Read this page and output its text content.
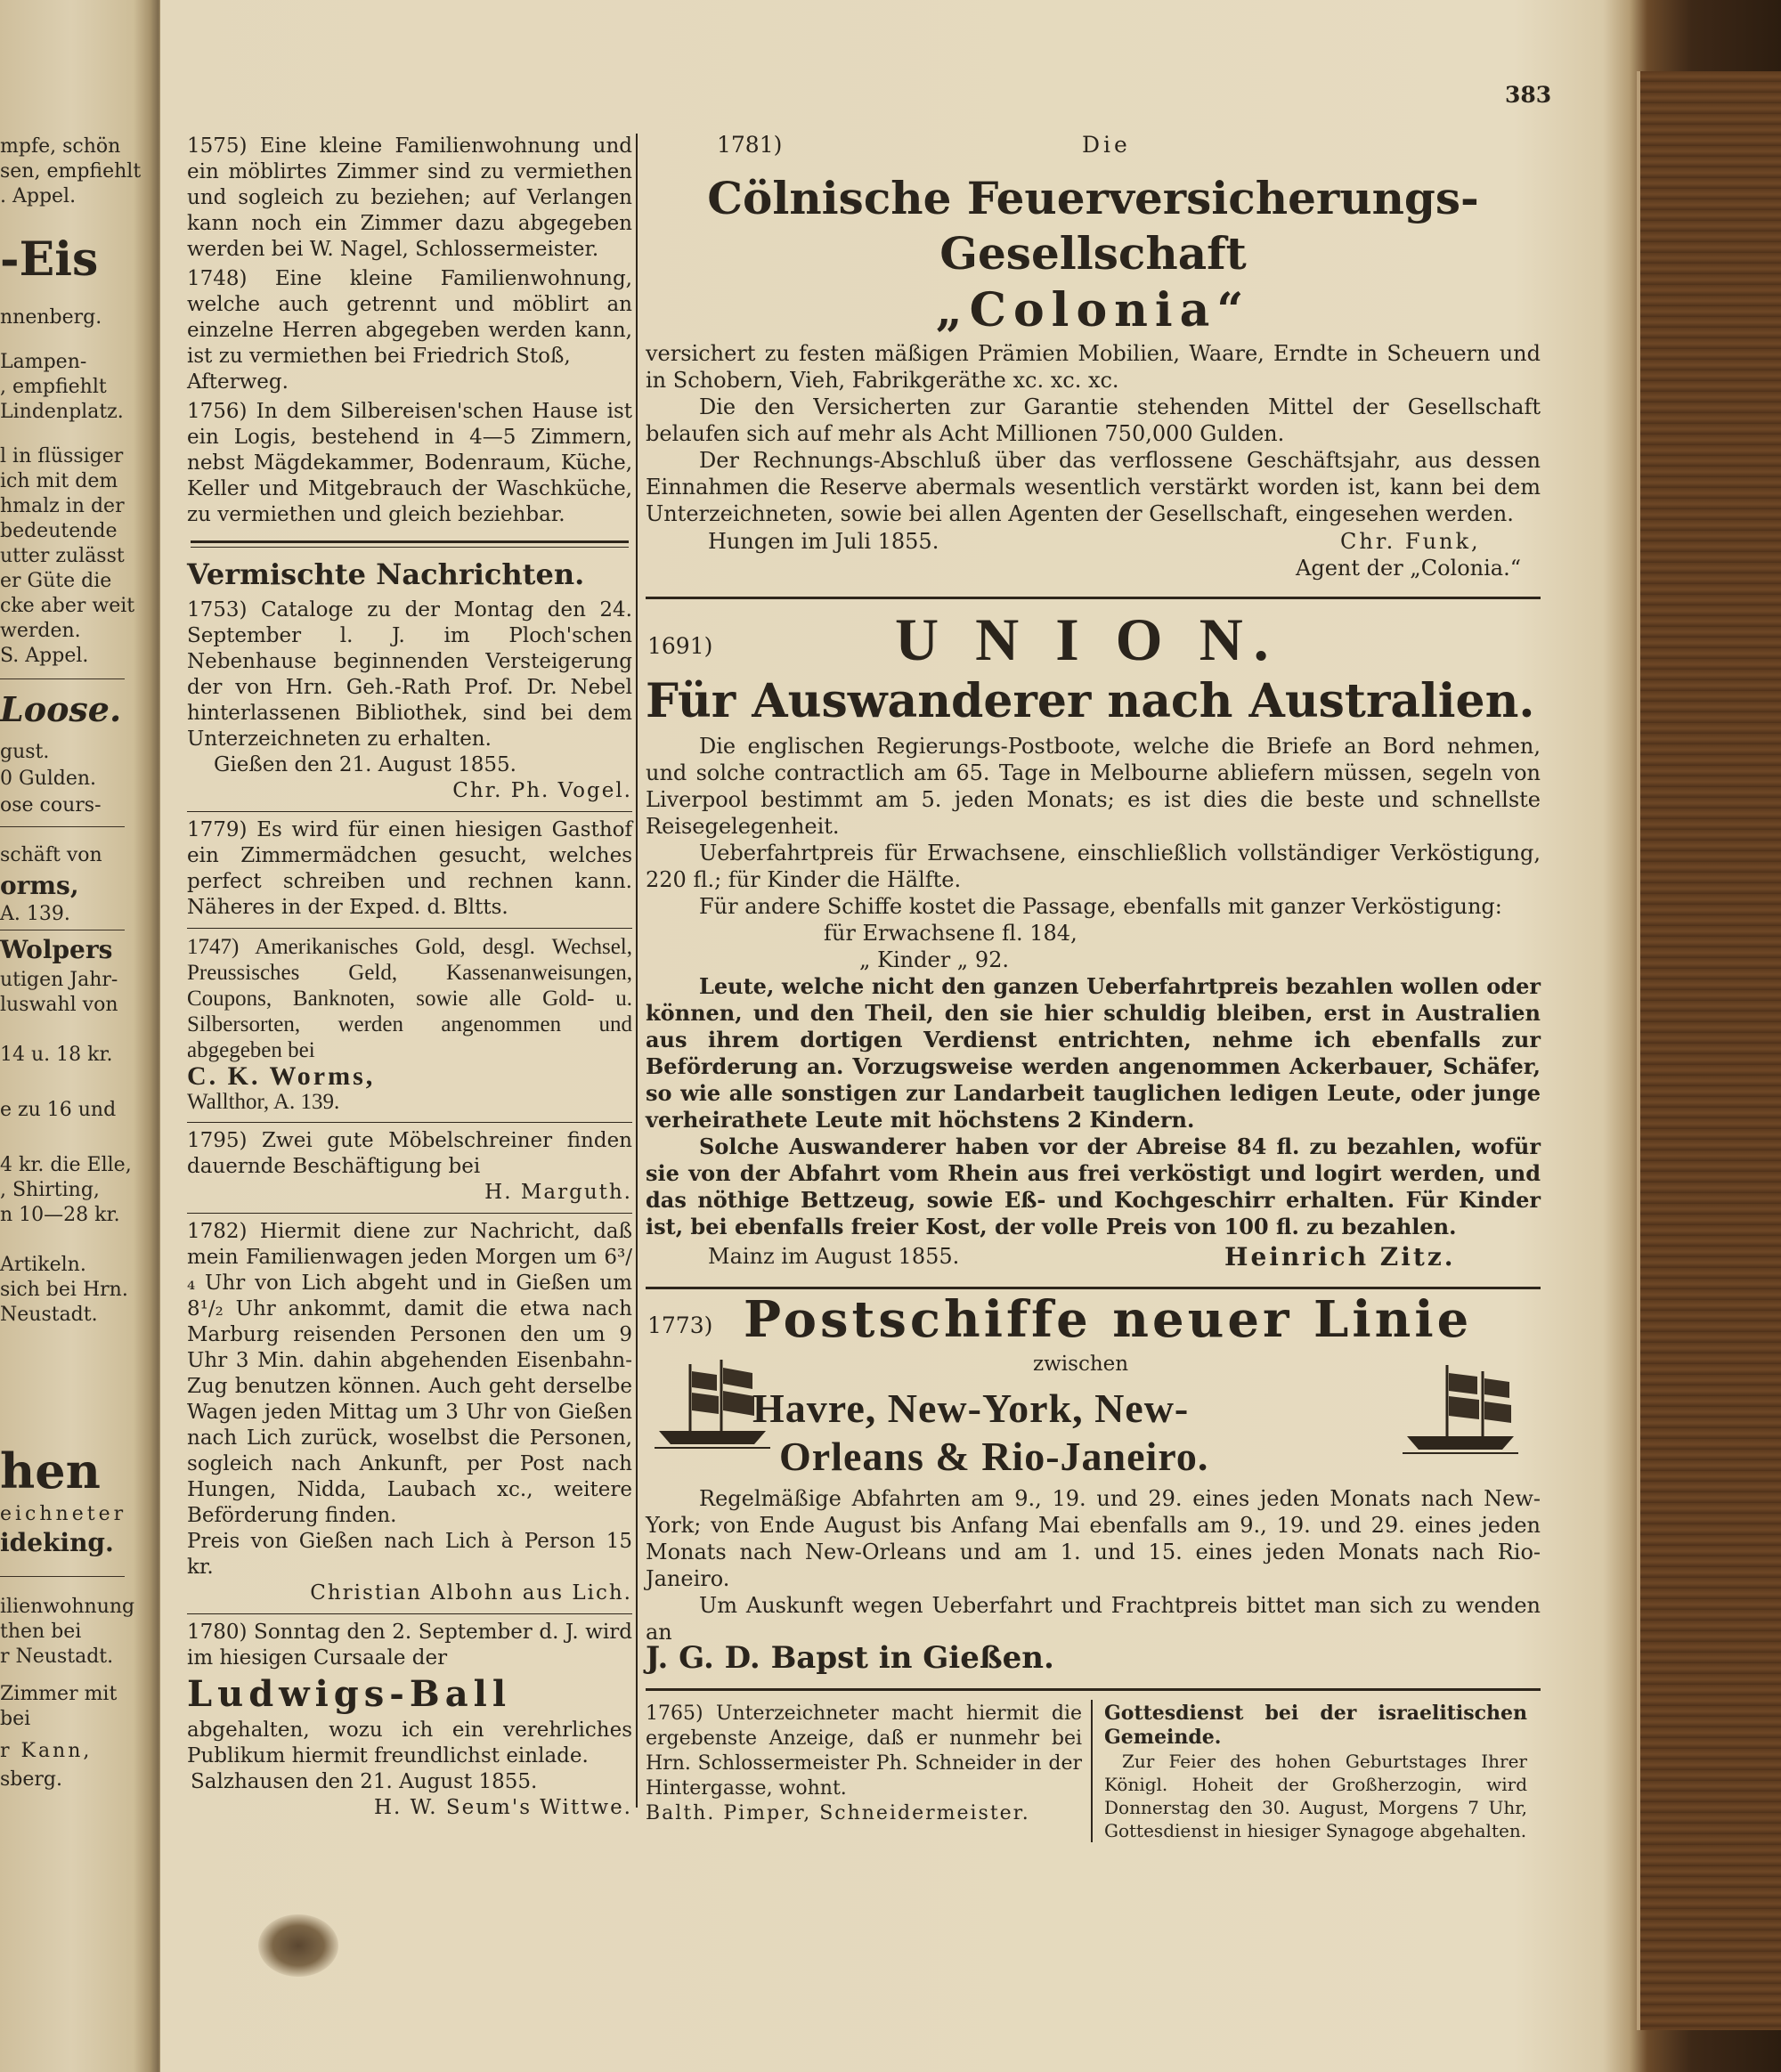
383
mpfe, schön
sen, empfiehlt
. Appel.
-Eis
nnenberg.
Lampen-
, empfiehlt
Lindenplatz.
l in flüssiger
ich mit dem
hmalz in der
bedeutende
utter zulässt
er Güte die
cke aber weit
werden.
S. Appel.
Loose.
gust.
0 Gulden.
ose cours-
schäft von
orms,
A. 139.
Wolpers
utigen Jahr-
luswahl von
14 u. 18 kr.
e zu 16 und
4 kr. die Elle,
, Shirting,
n 10—28 kr.
Artikeln.
sich bei Hrn.
Neustadt.
hen
eichneter
ideking.
ilienwohnung
then bei
r Neustadt.
Zimmer mit
bei
r Kann,
sberg.

1575) Eine kleine Familienwohnung und ein möblirtes Zimmer sind zu vermiethen und sogleich zu beziehen; auf Verlangen kann noch ein Zimmer dazu abgegeben werden bei W. Nagel, Schlossermeister.

1748) Eine kleine Familienwohnung, welche auch getrennt und möblirt an einzelne Herren abgegeben werden kann, ist zu vermiethen bei Friedrich Stoß,

Afterweg.

1756) In dem Silbereisen'schen Hause ist ein Logis, bestehend in 4—5 Zimmern, nebst Mägdekammer, Bodenraum, Küche, Keller und Mitgebrauch der Waschküche, zu vermiethen und gleich beziehbar.

Vermischte Nachrichten.

1753) Cataloge zu der Montag den 24. September l. J. im Ploch'schen Nebenhause beginnenden Versteigerung der von Hrn. Geh.-Rath Prof. Dr. Nebel hinterlassenen Bibliothek, sind bei dem Unterzeichneten zu erhalten.

Gießen den 21. August 1855.

Chr. Ph. Vogel.

1779) Es wird für einen hiesigen Gasthof ein Zimmermädchen gesucht, welches perfect schreiben und rechnen kann. Näheres in der Exped. d. Bltts.

1747) Amerikanisches Gold, desgl. Wechsel, Preussisches Geld, Kassenanweisungen, Coupons, Banknoten, sowie alle Gold- u. Silbersorten, werden angenommen und abgegeben bei

C. K. Worms,

Wallthor, A. 139.

1795) Zwei gute Möbelschreiner finden dauernde Beschäftigung bei

H. Marguth.

1782) Hiermit diene zur Nachricht, daß mein Familienwagen jeden Morgen um 6³/₄ Uhr von Lich abgeht und in Gießen um 8¹/₂ Uhr ankommt, damit die etwa nach Marburg reisenden Personen den um 9 Uhr 3 Min. dahin abgehenden Eisenbahn-Zug benutzen können. Auch geht derselbe Wagen jeden Mittag um 3 Uhr von Gießen nach Lich zurück, woselbst die Personen, sogleich nach Ankunft, per Post nach Hungen, Nidda, Laubach xc., weitere Beförderung finden.

Preis von Gießen nach Lich à Person 15 kr.

Christian Albohn aus Lich.

1780) Sonntag den 2. September d. J. wird im hiesigen Cursaale der

Ludwigs-Ball

abgehalten, wozu ich ein verehrliches Publikum hiermit freundlichst einlade.

Salzhausen den 21. August 1855.

H. W. Seum's Wittwe.

1781)	Die

Cölnische Feuerversicherungs-Gesellschaft

„Colonia“

versichert zu festen mäßigen Prämien Mobilien, Waare, Erndte in Scheuern und in Schobern, Vieh, Fabrikgeräthe xc. xc. xc.

Die den Versicherten zur Garantie stehenden Mittel der Gesellschaft belaufen sich auf mehr als Acht Millionen 750,000 Gulden.

Der Rechnungs-Abschluß über das verflossene Geschäftsjahr, aus dessen Einnahmen die Reserve abermals wesentlich verstärkt worden ist, kann bei dem Unterzeichneten, sowie bei allen Agenten der Gesellschaft, eingesehen werden.

Hungen im Juli 1855.	Chr. Funk,
Agent der „Colonia.“
1691)	U N I O N.

Für Auswanderer nach Australien.

Die englischen Regierungs-Postboote, welche die Briefe an Bord nehmen, und solche contractlich am 65. Tage in Melbourne abliefern müssen, segeln von Liverpool bestimmt am 5. jeden Monats; es ist dies die beste und schnellste Reisegelegenheit.

Ueberfahrtpreis für Erwachsene, einschließlich vollständiger Verköstigung, 220 fl.; für Kinder die Hälfte.

Für andere Schiffe kostet die Passage, ebenfalls mit ganzer Verköstigung:

für Erwachsene fl. 184,

„ Kinder „ 92.

Leute, welche nicht den ganzen Ueberfahrtpreis bezahlen wollen oder können, und den Theil, den sie hier schuldig bleiben, erst in Australien aus ihrem dortigen Verdienst entrichten, nehme ich ebenfalls zur Beförderung an. Vorzugsweise werden angenommen Ackerbauer, Schäfer, so wie alle sonstigen zur Landarbeit tauglichen ledigen Leute, oder junge verheirathete Leute mit höchstens 2 Kindern.

Solche Auswanderer haben vor der Abreise 84 fl. zu bezahlen, wofür sie von der Abfahrt vom Rhein aus frei verköstigt und logirt werden, und das nöthige Bettzeug, sowie Eß- und Kochgeschirr erhalten. Für Kinder ist, bei ebenfalls freier Kost, der volle Preis von 100 fl. zu bezahlen.

Mainz im August 1855.	Heinrich Zitz.
1773) Postschiffe neuer Linie
zwischen
Havre, New-York, New-
Orleans & Rio-Janeiro.

Regelmäßige Abfahrten am 9., 19. und 29. eines jeden Monats nach New-York; von Ende August bis Anfang Mai ebenfalls am 9., 19. und 29. eines jeden Monats nach New-Orleans und am 1. und 15. eines jeden Monats nach Rio-Janeiro.

Um Auskunft wegen Ueberfahrt und Frachtpreis bittet man sich zu wenden an

J. G. D. Bapst in Gießen.

1765) Unterzeichneter macht hiermit die ergebenste Anzeige, daß er nunmehr bei Hrn. Schlossermeister Ph. Schneider in der Hintergasse, wohnt.

Balth. Pimper, Schneidermeister.

Gottesdienst bei der israelitischen Gemeinde.

Zur Feier des hohen Geburtstages Ihrer Königl. Hoheit der Großherzogin, wird Donnerstag den 30. August, Morgens 7 Uhr, Gottesdienst in hiesiger Synagoge abgehalten.
